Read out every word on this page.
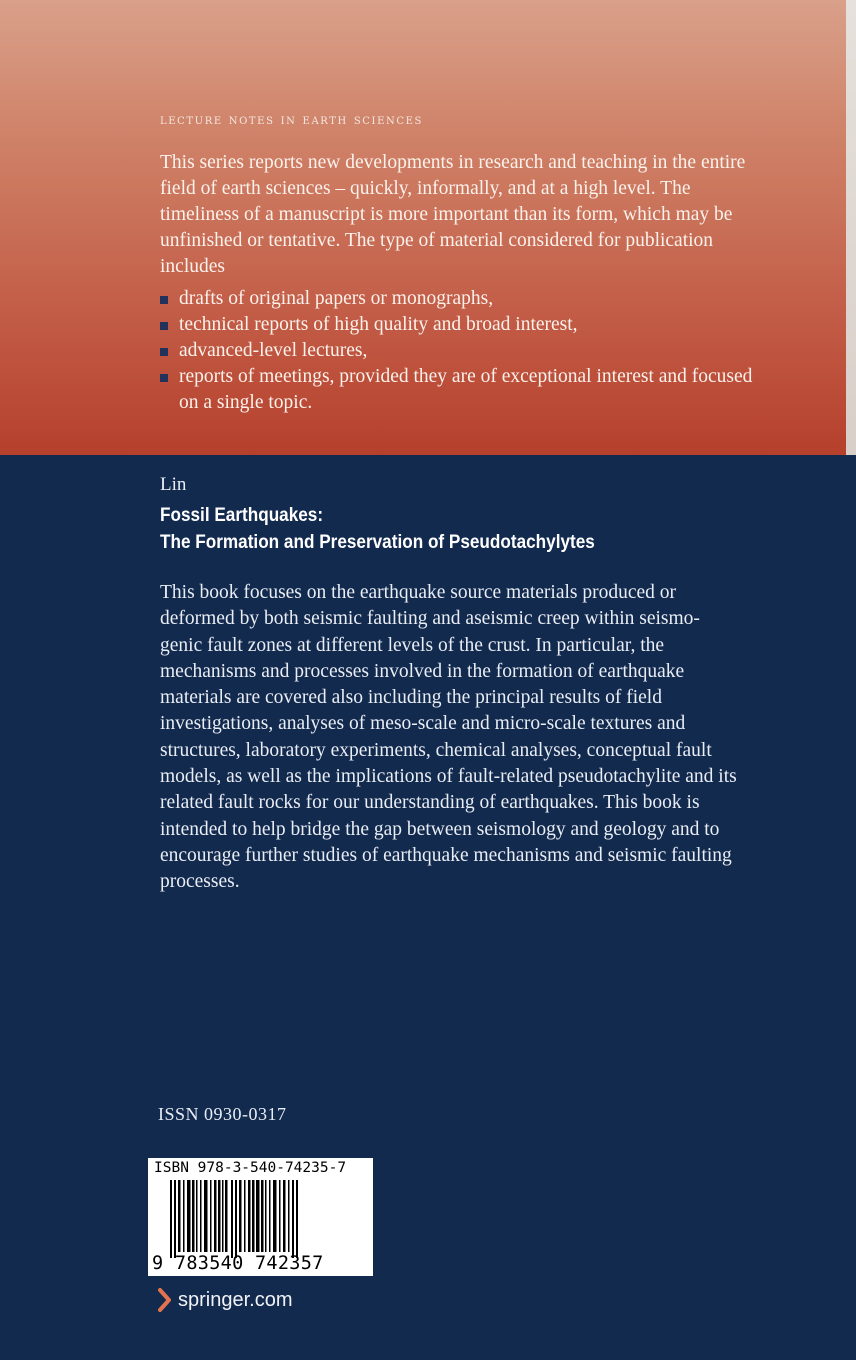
lecture notes in earth sciences

This series reports new developments in research and teaching in the entire field of earth sciences – quickly, informally, and at a high level. The timeliness of a manuscript is more important than its form, which may be unfinished or tentative. The type of material considered for publication includes

drafts of original papers or monographs,
technical reports of high quality and broad interest,
advanced-level lectures,
reports of meetings, provided they are of exceptional interest and focused on a single topic.
Lin
Fossil Earthquakes:
The Formation and Preservation of Pseudotachylytes

This book focuses on the earthquake source materials produced or deformed by both seismic faulting and aseismic creep within seismo-genic fault zones at different levels of the crust. In particular, the mechanisms and processes involved in the formation of earthquake materials are covered also including the principal results of field investigations, analyses of meso-scale and micro-scale textures and structures, laboratory experiments, chemical analyses, conceptual fault models, as well as the implications of fault-related pseudotachylite and its related fault rocks for our understanding of earthquakes. This book is intended to help bridge the gap between seismology and geology and to encourage further studies of earthquake mechanisms and seismic faulting processes.

ISSN 0930-0317
ISBN 978-3-540-74235-7
9 783540 742357
springer.com
